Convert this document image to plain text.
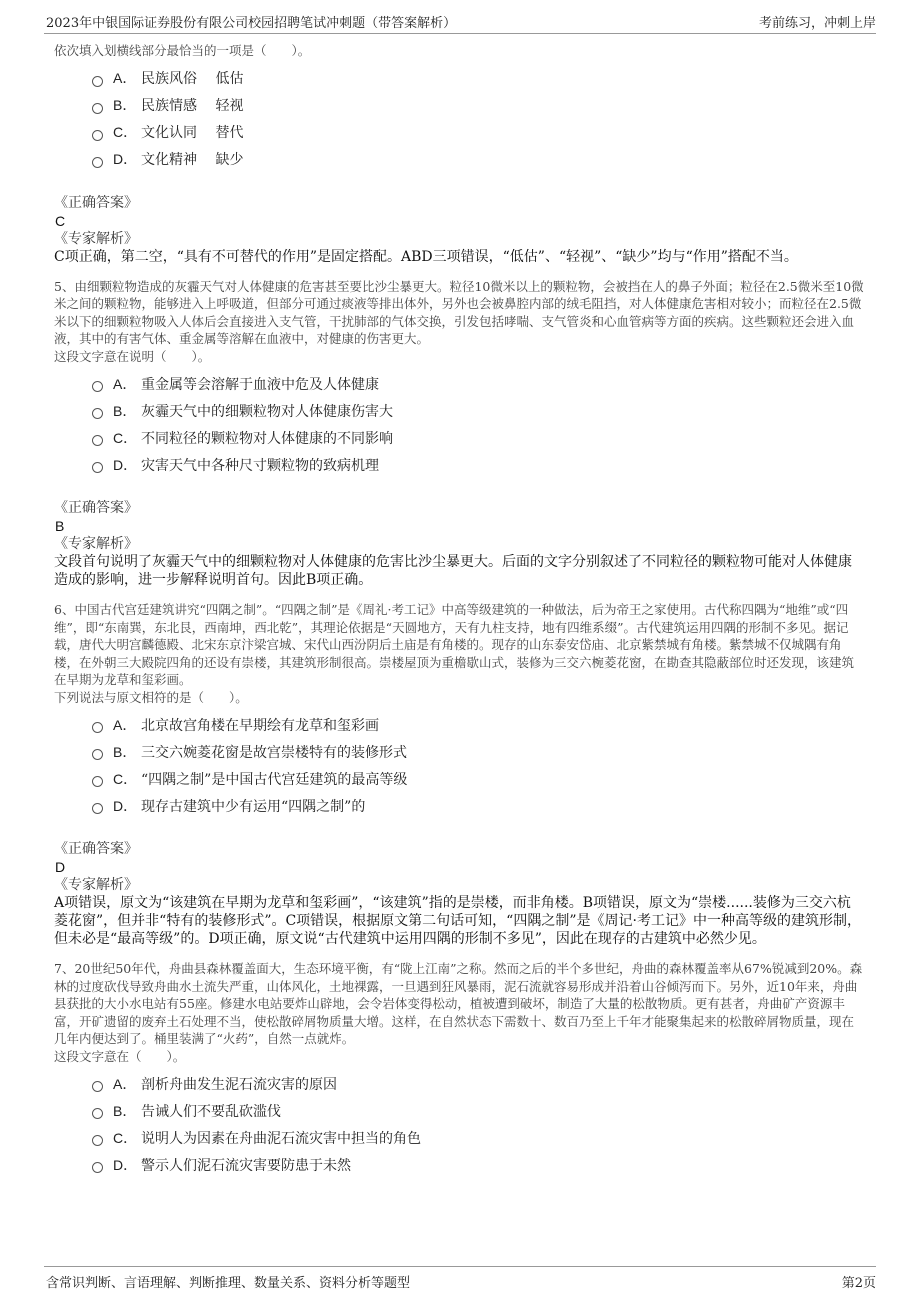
2023年中银国际证券股份有限公司校园招聘笔试冲刺题（带答案解析）	考前练习，冲刺上岸

依次填入划横线部分最恰当的一项是（　　）。

A． 民族风俗　 低估
B． 民族情感　 轻视
C． 文化认同　 替代
D． 文化精神　 缺少

《正确答案》

C

《专家解析》

C项正确，第二空，“具有不可替代的作用”是固定搭配。ABD三项错误，“低估”、“轻视”、“缺少”均与“作用”搭配不当。

5、由细颗粒物造成的灰霾天气对人体健康的危害甚至要比沙尘暴更大。粒径10微米以上的颗粒物，会被挡在人的鼻子外面；粒径在2.5微米至10微米之间的颗粒物，能够进入上呼吸道，但部分可通过痰液等排出体外，另外也会被鼻腔内部的绒毛阻挡，对人体健康危害相对较小；而粒径在2.5微米以下的细颗粒物吸入人体后会直接进入支气管，干扰肺部的气体交换，引发包括哮喘、支气管炎和心血管病等方面的疾病。这些颗粒还会进入血液，其中的有害气体、重金属等溶解在血液中，对健康的伤害更大。

这段文字意在说明（　　）。

A． 重金属等会溶解于血液中危及人体健康
B． 灰霾天气中的细颗粒物对人体健康伤害大
C． 不同粒径的颗粒物对人体健康的不同影响
D． 灾害天气中各种尺寸颗粒物的致病机理

《正确答案》

B

《专家解析》

文段首句说明了灰霾天气中的细颗粒物对人体健康的危害比沙尘暴更大。后面的文字分别叙述了不同粒径的颗粒物可能对人体健康造成的影响，进一步解释说明首句。因此B项正确。

6、中国古代宫廷建筑讲究“四隅之制”。“四隅之制”是《周礼·考工记》中高等级建筑的一种做法，后为帝王之家使用。古代称四隅为“地维”或“四维”，即“东南巽，东北艮，西南坤，西北乾”，其理论依据是“天圆地方，天有九柱支持，地有四维系缀”。古代建筑运用四隅的形制不多见。据记载，唐代大明宫麟德殿、北宋东京汴梁宫城、宋代山西汾阴后土庙是有角楼的。现存的山东泰安岱庙、北京紫禁城有角楼。紫禁城不仅城隅有角楼，在外朝三大殿院四角的还设有崇楼，其建筑形制很高。崇楼屋顶为重檐歇山式，装修为三交六椀菱花窗，在勘查其隐蔽部位时还发现，该建筑在早期为龙草和玺彩画。

下列说法与原文相符的是（　　）。

A． 北京故宫角楼在早期绘有龙草和玺彩画
B． 三交六婉菱花窗是故宫崇楼特有的装修形式
C． “四隅之制”是中国古代宫廷建筑的最高等级
D． 现存古建筑中少有运用“四隅之制”的

《正确答案》

D

《专家解析》

A项错误，原文为“该建筑在早期为龙草和玺彩画”，“该建筑”指的是崇楼，而非角楼。B项错误，原文为“崇楼......装修为三交六杭菱花窗”，但并非“特有的装修形式”。C项错误，根据原文第二句话可知，“四隅之制”是《周记·考工记》中一种高等级的建筑形制，但未必是“最高等级”的。D项正确，原文说“古代建筑中运用四隅的形制不多见”，因此在现存的古建筑中必然少见。

7、20世纪50年代，舟曲县森林覆盖面大，生态环境平衡，有“陇上江南”之称。然而之后的半个多世纪，舟曲的森林覆盖率从67%锐减到20%。森林的过度砍伐导致舟曲水土流失严重，山体风化，土地裸露，一旦遇到狂风暴雨，泥石流就容易形成并沿着山谷倾泻而下。另外，近10年来，舟曲县获批的大小水电站有55座。修建水电站要炸山辟地，会令岩体变得松动，植被遭到破坏，制造了大量的松散物质。更有甚者，舟曲矿产资源丰富，开矿遗留的废弃土石处理不当，使松散碎屑物质量大增。这样，在自然状态下需数十、数百乃至上千年才能聚集起来的松散碎屑物质量，现在几年内便达到了。桶里装满了“火药”，自然一点就炸。

这段文字意在（　　）。

A． 剖析舟曲发生泥石流灾害的原因
B． 告诫人们不要乱砍滥伐
C． 说明人为因素在舟曲泥石流灾害中担当的角色
D． 警示人们泥石流灾害要防患于未然
含常识判断、言语理解、判断推理、数量关系、资料分析等题型	第2页
